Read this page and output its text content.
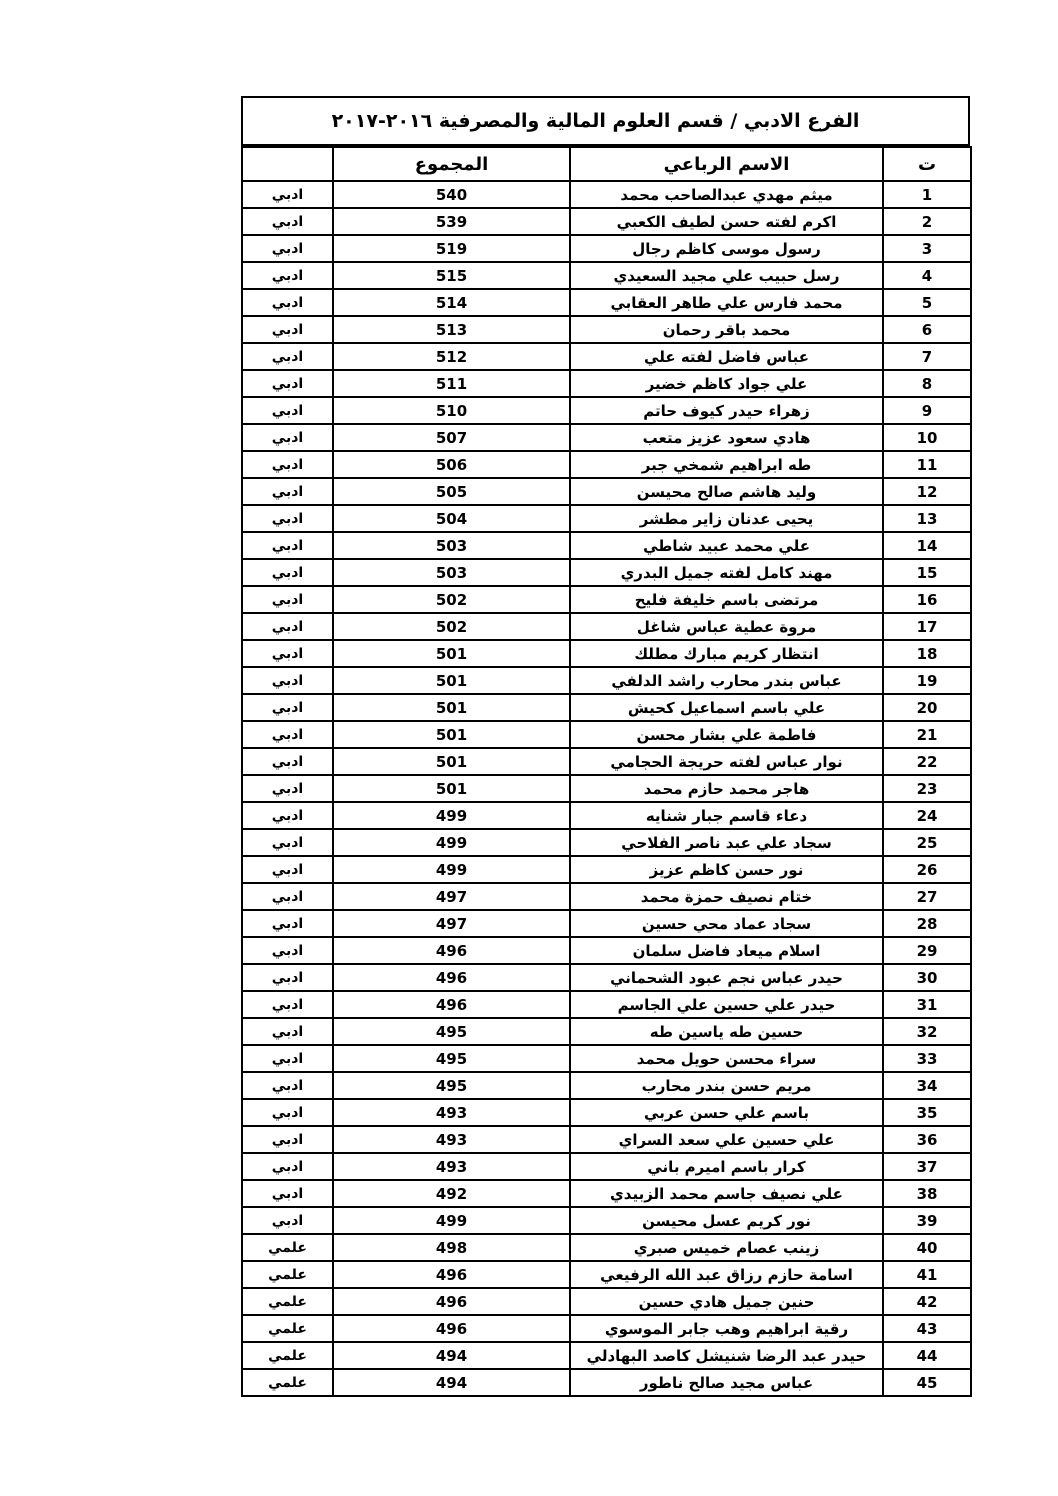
الفرع الادبي / قسم العلوم المالية والمصرفية ٢٠١٦-٢٠١٧
ت	الاسم الرباعي	المجموع	
1	ميثم مهدي عبدالصاحب محمد	540	ادبي
2	اكرم لفته حسن لطيف الكعبي	539	ادبي
3	رسول موسى كاظم رجال	519	ادبي
4	رسل حبيب علي مجيد السعيدي	515	ادبي
5	محمد فارس علي طاهر العقابي	514	ادبي
6	محمد باقر رحمان	513	ادبي
7	عباس فاضل لفته علي	512	ادبي
8	علي جواد كاظم خضير	511	ادبي
9	زهراء حيدر كيوف حاتم	510	ادبي
10	هادي سعود عزيز متعب	507	ادبي
11	طه ابراهيم شمخي جبر	506	ادبي
12	وليد هاشم صالح محيسن	505	ادبي
13	يحيى عدنان زاير مطشر	504	ادبي
14	علي محمد عبيد شاطي	503	ادبي
15	مهند كامل لفته جميل البدري	503	ادبي
16	مرتضى باسم خليفة فليح	502	ادبي
17	مروة عطية عباس شاغل	502	ادبي
18	انتظار كريم مبارك مطلك	501	ادبي
19	عباس بندر محارب راشد الدلفي	501	ادبي
20	علي باسم اسماعيل كحيش	501	ادبي
21	فاطمة علي بشار محسن	501	ادبي
22	نوار عباس لفته حريجة الحجامي	501	ادبي
23	هاجر محمد حازم محمد	501	ادبي
24	دعاء قاسم جبار شنايه	499	ادبي
25	سجاد علي عبد ناصر الفلاحي	499	ادبي
26	نور حسن كاظم عزيز	499	ادبي
27	ختام نصيف حمزة محمد	497	ادبي
28	سجاد عماد محي حسين	497	ادبي
29	اسلام ميعاد فاضل سلمان	496	ادبي
30	حيدر عباس نجم عبود الشحماني	496	ادبي
31	حيدر علي حسين علي الجاسم	496	ادبي
32	حسين طه ياسين طه	495	ادبي
33	سراء محسن حويل محمد	495	ادبي
34	مريم حسن بندر محارب	495	ادبي
35	باسم علي حسن عربي	493	ادبي
36	علي حسين علي سعد السراي	493	ادبي
37	كرار باسم اميرم باني	493	ادبي
38	علي نصيف جاسم محمد الزبيدي	492	ادبي
39	نور كريم عسل محيسن	499	ادبي
40	زينب عصام خميس صبري	498	علمي
41	اسامة حازم رزاق عبد الله الرفيعي	496	علمي
42	حنين جميل هادي حسين	496	علمي
43	رقية ابراهيم وهب جابر الموسوي	496	علمي
44	حيدر عبد الرضا شنيشل كاصد البهادلي	494	علمي
45	عباس مجيد صالح ناطور	494	علمي
